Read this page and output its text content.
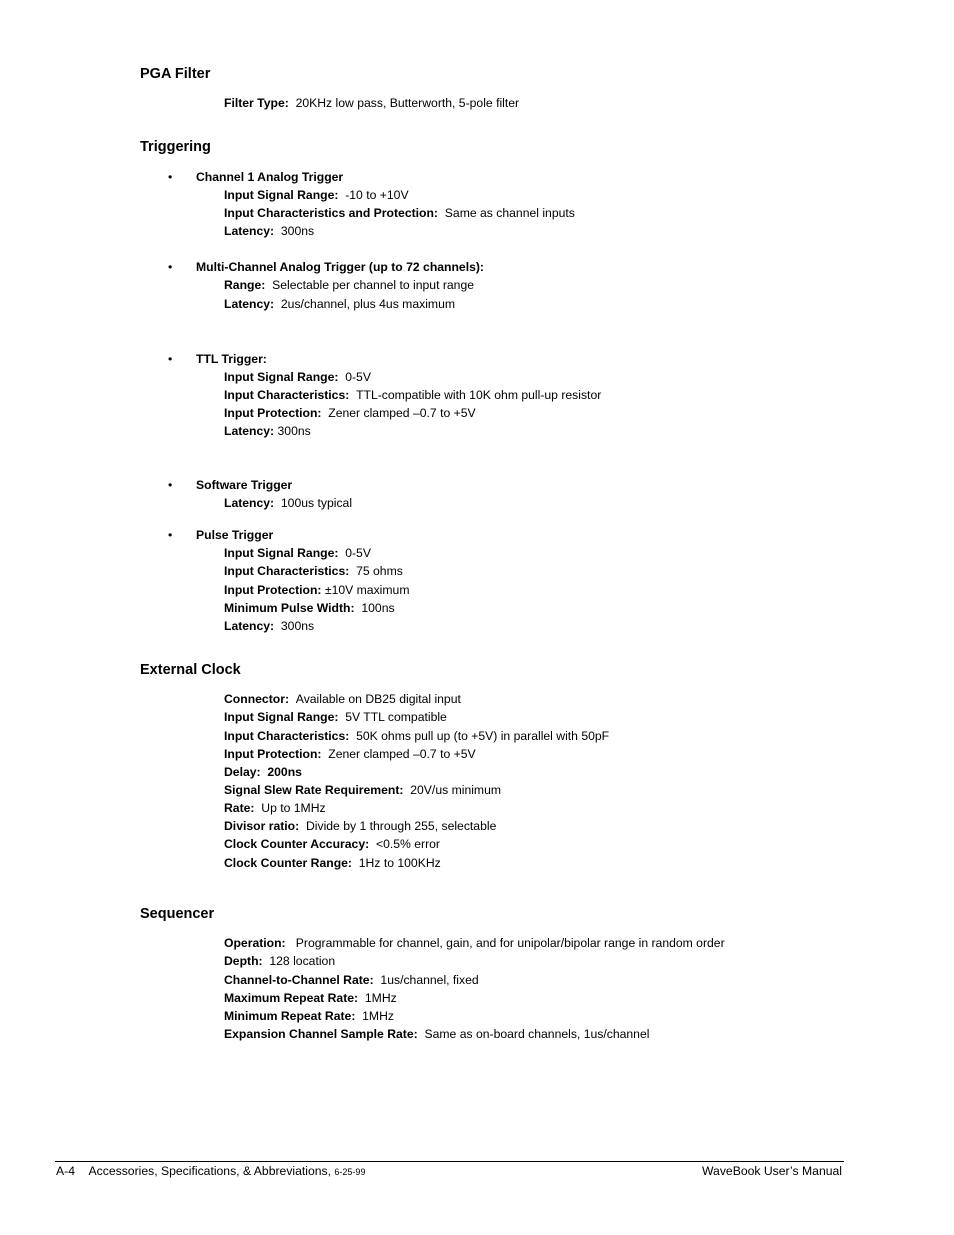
PGA Filter
Filter Type: 20KHz low pass, Butterworth, 5-pole filter
Triggering
• Channel 1 Analog Trigger
Input Signal Range: -10 to +10V
Input Characteristics and Protection: Same as channel inputs
Latency: 300ns
• Multi-Channel Analog Trigger (up to 72 channels):
Range: Selectable per channel to input range
Latency: 2us/channel, plus 4us maximum
• TTL Trigger:
Input Signal Range: 0-5V
Input Characteristics: TTL-compatible with 10K ohm pull-up resistor
Input Protection: Zener clamped –0.7 to +5V
Latency: 300ns
• Software Trigger
Latency: 100us typical
• Pulse Trigger
Input Signal Range: 0-5V
Input Characteristics: 75 ohms
Input Protection: ±10V maximum
Minimum Pulse Width: 100ns
Latency: 300ns
External Clock
Connector: Available on DB25 digital input
Input Signal Range: 5V TTL compatible
Input Characteristics: 50K ohms pull up (to +5V) in parallel with 50pF
Input Protection: Zener clamped –0.7 to +5V
Delay: 200ns
Signal Slew Rate Requirement: 20V/us minimum
Rate: Up to 1MHz
Divisor ratio: Divide by 1 through 255, selectable
Clock Counter Accuracy: <0.5% error
Clock Counter Range: 1Hz to 100KHz
Sequencer
Operation: Programmable for channel, gain, and for unipolar/bipolar range in random order
Depth: 128 location
Channel-to-Channel Rate: 1us/channel, fixed
Maximum Repeat Rate: 1MHz
Minimum Repeat Rate: 1MHz
Expansion Channel Sample Rate: Same as on-board channels, 1us/channel
A-4 Accessories, Specifications, & Abbreviations, 6-25-99	WaveBook User’s Manual
